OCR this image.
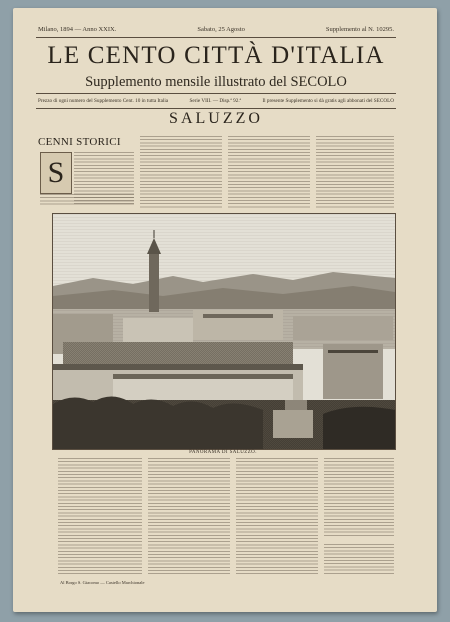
Milano, 1894 — Anno XXIX.	Sabato, 25 Agosto	Supplemento al N. 10295.
LE CENTO CITTÀ D'ITALIA
Supplemento mensile illustrato del SECOLO
Prezzo di ogni numero del Supplemento Cent. 10 in tutta Italia	Serie VIII. — Disp.ª 92.ª	Il presente Supplemento si dà gratis agli abbonati del SECOLO
SALUZZO
CENNI STORICI
S
PANORAMA DI SALUZZO.
Al Borgo S. Giacomo — Castello Marchionale
